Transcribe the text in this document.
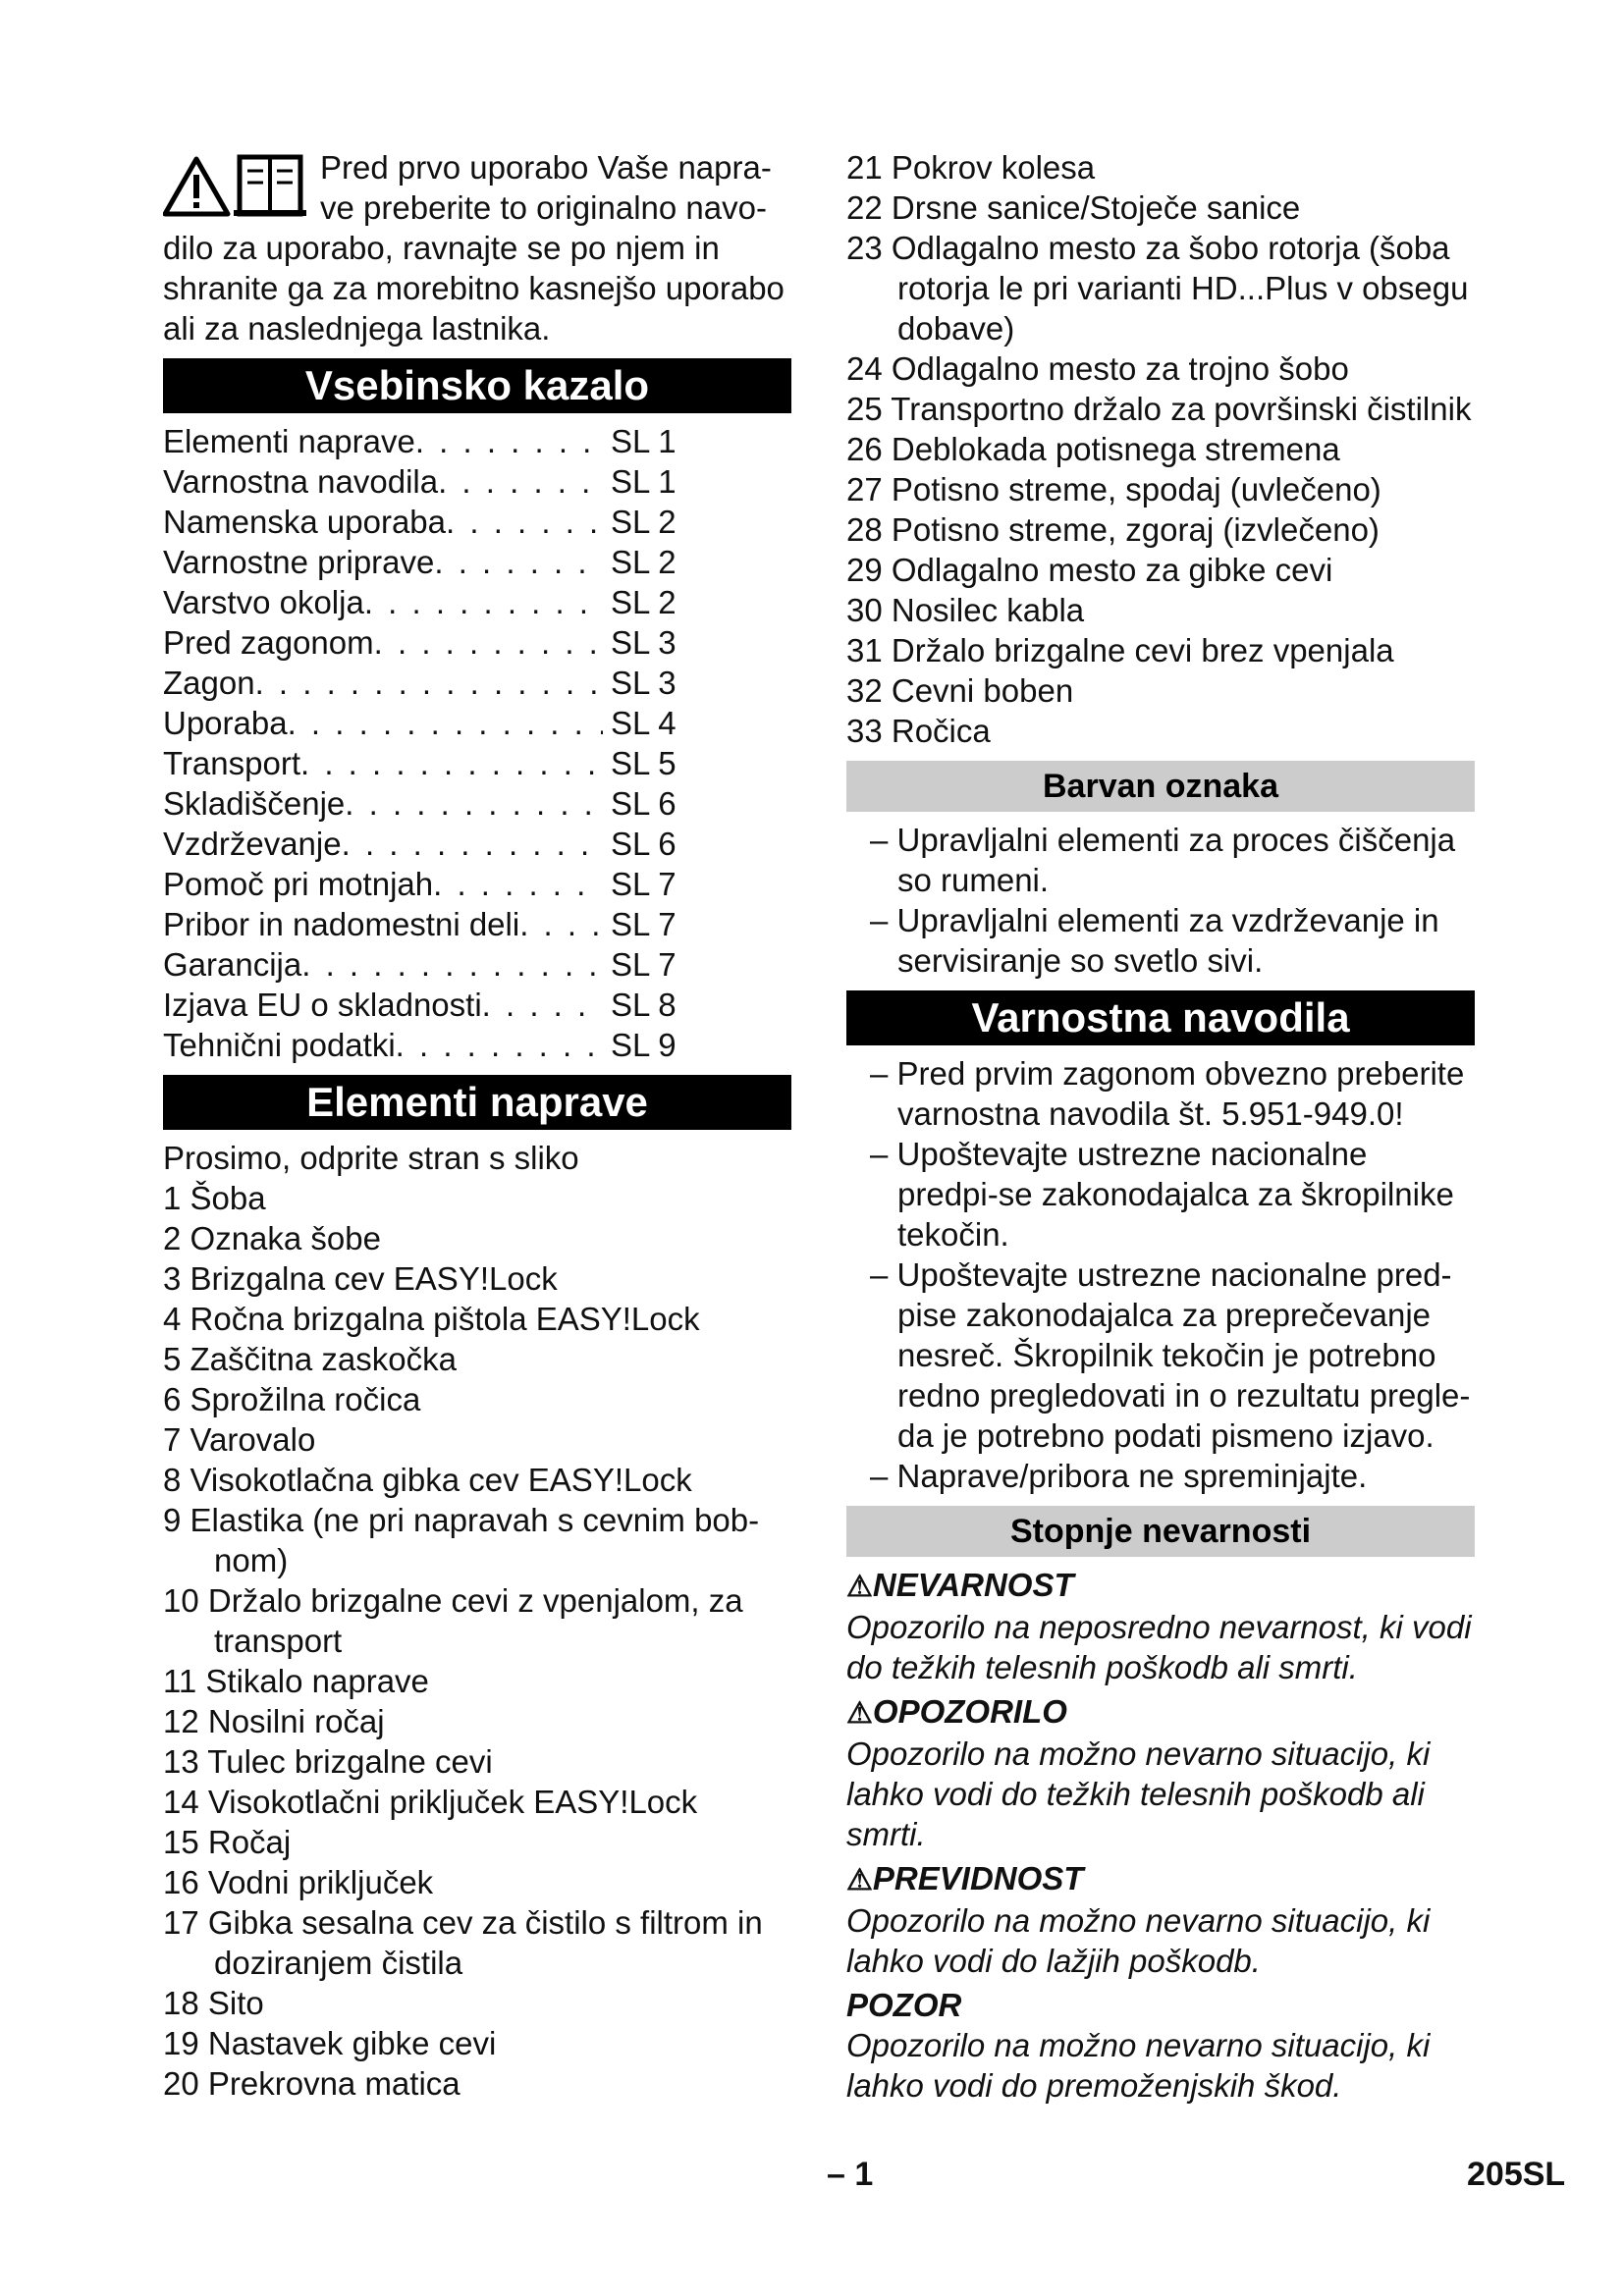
Pred prvo uporabo Vaše napra-
ve preberite to originalno navo-
dilo za uporabo, ravnajte se po njem in
shranite ga za morebitno kasnejšo uporabo
ali za naslednjega lastnika.
Vsebinsko kazalo
Elementi naprave . . .	SL 1
Varnostna navodila . . .	SL 1
Namenska uporaba . . .	SL 2
Varnostne priprave . . .	SL 2
Varstvo okolja . . .	SL 2
Pred zagonom . . .	SL 3
Zagon . . .	SL 3
Uporaba . . .	SL 4
Transport . . .	SL 5
Skladiščenje . . .	SL 6
Vzdrževanje . . .	SL 6
Pomoč pri motnjah . . .	SL 7
Pribor in nadomestni deli . . .	SL 7
Garancija . . .	SL 7
Izjava EU o skladnosti . . .	SL 8
Tehnični podatki . . .	SL 9
Elementi naprave
Prosimo, odprite stran s sliko
1 Šoba
2 Oznaka šobe
3 Brizgalna cev EASY!Lock
4 Ročna brizgalna pištola EASY!Lock
5 Zaščitna zaskočka
6 Sprožilna ročica
7 Varovalo
8 Visokotlačna gibka cev EASY!Lock
9 Elastika (ne pri napravah s cevnim bob-nom)
10 Držalo brizgalne cevi z vpenjalom, za transport
11 Stikalo naprave
12 Nosilni ročaj
13 Tulec brizgalne cevi
14 Visokotlačni priključek EASY!Lock
15 Ročaj
16 Vodni priključek
17 Gibka sesalna cev za čistilo s filtrom in doziranjem čistila
18 Sito
19 Nastavek gibke cevi
20 Prekrovna matica
21 Pokrov kolesa
22 Drsne sanice/Stoječe sanice
23 Odlagalno mesto za šobo rotorja (šoba rotorja le pri varianti HD...Plus v obsegu dobave)
24 Odlagalno mesto za trojno šobo
25 Transportno držalo za površinski čistilnik
26 Deblokada potisnega stremena
27 Potisno streme, spodaj (uvlečeno)
28 Potisno streme, zgoraj (izvlečeno)
29 Odlagalno mesto za gibke cevi
30 Nosilec kabla
31 Držalo brizgalne cevi brez vpenjala
32 Cevni boben
33 Ročica
Barvan oznaka
– Upravljalni elementi za proces čiščenja so rumeni.
– Upravljalni elementi za vzdrževanje in servisiranje so svetlo sivi.
Varnostna navodila
– Pred prvim zagonom obvezno preberite varnostna navodila št. 5.951-949.0!
– Upoštevajte ustrezne nacionalne predpi-se zakonodajalca za škropilnike tekočin.
– Upoštevajte ustrezne nacionalne pred-pise zakonodajalca za preprečevanje nesreč. Škropilnik tekočin je potrebno redno pregledovati in o rezultatu pregle-da je potrebno podati pismeno izjavo.
– Naprave/pribora ne spreminjajte.
Stopnje nevarnosti
⚠NEVARNOST
Opozorilo na neposredno nevarnost, ki vodi do težkih telesnih poškodb ali smrti.
⚠OPOZORILO
Opozorilo na možno nevarno situacijo, ki lahko vodi do težkih telesnih poškodb ali smrti.
⚠PREVIDNOST
Opozorilo na možno nevarno situacijo, ki lahko vodi do lažjih poškodb.
POZOR
Opozorilo na možno nevarno situacijo, ki lahko vodi do premoženjskih škod.
– 1	205SL
